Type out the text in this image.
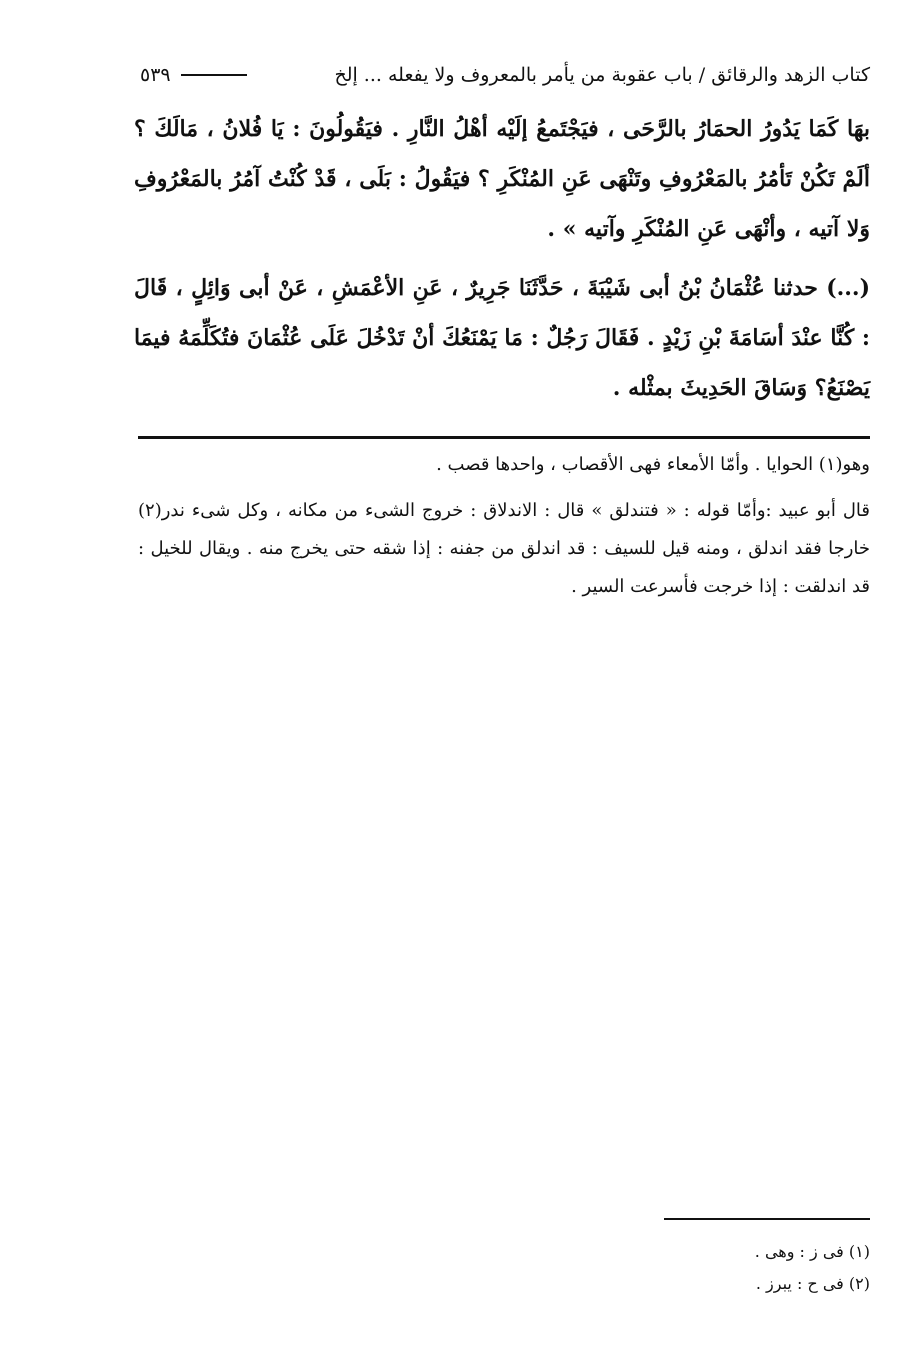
كتاب الزهد والرقائق / باب عقوبة من يأمر بالمعروف ولا يفعله ... إلخ
٥٣٩
بهَا كَمَا يَدُورُ الحمَارُ بالرَّحَى ، فيَجْتَمعُ إلَيْه أهْلُ النَّارِ . فيَقُولُونَ : يَا فُلانُ ، مَالَكَ ؟ ألَمْ تَكُنْ تَأمُرُ بالمَعْرُوفِ وتَنْهَى عَنِ المُنْكَرِ ؟ فيَقُولُ : بَلَى ، قَدْ كُنْتُ آمُرُ بالمَعْرُوفِ وَلا آتيه ، وأنْهَى عَنِ المُنْكَرِ وآتيه » .
(...) حدثنا عُثْمَانُ بْنُ أبى شَيْبَةَ ، حَدَّثَنَا جَرِيرٌ ، عَنِ الأعْمَشِ ، عَنْ أبى وَائِلٍ ، قَالَ : كُنَّا عنْدَ أسَامَةَ بْنِ زَيْدٍ . فَقَالَ رَجُلٌ : مَا يَمْنَعُكَ أنْ تَدْخُلَ عَلَى عُثْمَانَ فتُكَلِّمَهُ فيمَا يَصْنَعُ؟ وَسَاقَ الحَدِيثَ بمثْله .
وهو(١) الحوايا . وأمّا الأمعاء فهى الأقصاب ، واحدها قصب .
قال أبو عبيد :وأمّا قوله : « فتندلق » قال : الاندلاق : خروج الشىء من مكانه ، وكل شىء ندر(٢) خارجا فقد اندلق ، ومنه قيل للسيف : قد اندلق من جفنه : إذا شقه حتى يخرج منه . ويقال للخيل : قد اندلقت : إذا خرجت فأسرعت السير .
(١) فى ز : وهى .
(٢) فى ح : يبرز .
